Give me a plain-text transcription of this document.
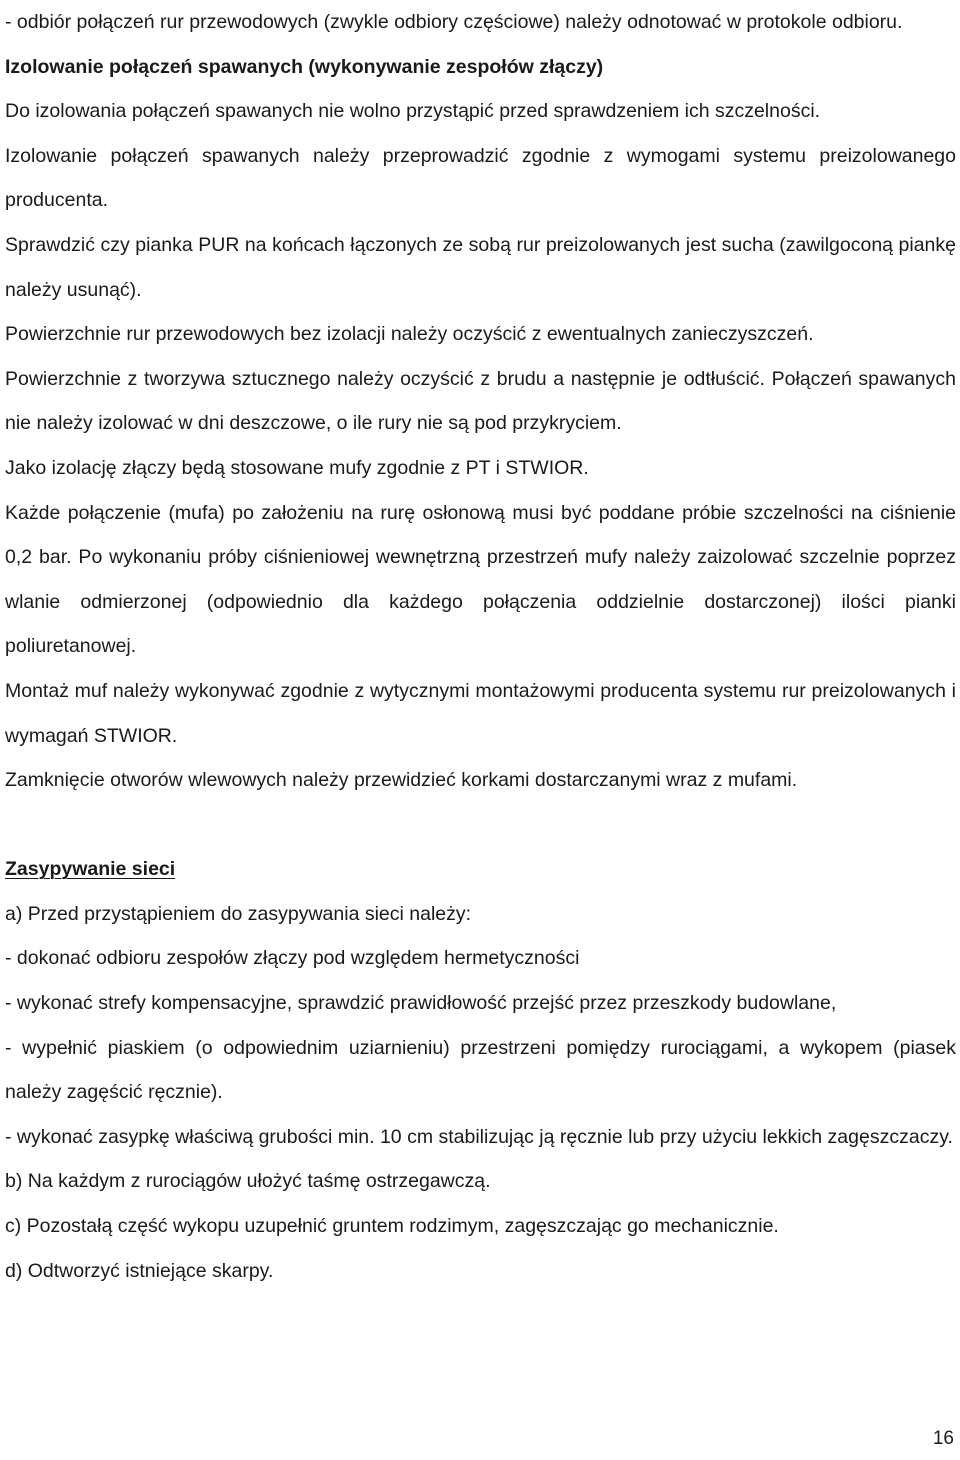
- odbiór połączeń rur przewodowych (zwykle odbiory częściowe) należy odnotować w protokole odbioru.

Izolowanie połączeń spawanych (wykonywanie zespołów złączy)

Do izolowania połączeń spawanych nie wolno przystąpić przed sprawdzeniem ich szczelności.

Izolowanie połączeń spawanych należy przeprowadzić zgodnie z wymogami systemu preizolowanego producenta.

Sprawdzić czy pianka PUR na końcach łączonych ze sobą rur preizolowanych jest sucha (zawilgoconą piankę należy usunąć).

Powierzchnie rur przewodowych bez izolacji należy oczyścić z ewentualnych zanieczyszczeń.

Powierzchnie z tworzywa sztucznego należy oczyścić z brudu a następnie je odtłuścić. Połączeń spawanych nie należy izolować w dni deszczowe, o ile rury nie są pod przykryciem.

Jako izolację złączy będą stosowane mufy zgodnie z PT i STWIOR.

Każde połączenie (mufa) po założeniu na rurę osłonową musi być poddane próbie szczelności na ciśnienie 0,2 bar. Po wykonaniu próby ciśnieniowej wewnętrzną przestrzeń mufy należy zaizolować szczelnie poprzez wlanie odmierzonej (odpowiednio dla każdego połączenia oddzielnie dostarczonej) ilości pianki poliuretanowej.

Montaż muf należy wykonywać zgodnie z wytycznymi montażowymi producenta systemu rur preizolowanych i wymagań STWIOR.

Zamknięcie otworów wlewowych należy przewidzieć korkami dostarczanymi wraz z mufami.

Zasypywanie sieci

a) Przed przystąpieniem do zasypywania sieci należy:

- dokonać odbioru zespołów złączy pod względem hermetyczności

- wykonać strefy kompensacyjne, sprawdzić prawidłowość przejść przez przeszkody budowlane,

- wypełnić piaskiem (o odpowiednim uziarnieniu) przestrzeni pomiędzy rurociągami, a wykopem (piasek należy zagęścić ręcznie).

- wykonać zasypkę właściwą grubości min. 10 cm stabilizując ją ręcznie lub przy użyciu lekkich zagęszczaczy.

b) Na każdym z rurociągów ułożyć taśmę ostrzegawczą.

c) Pozostałą część wykopu uzupełnić gruntem rodzimym, zagęszczając go mechanicznie.

d) Odtworzyć istniejące skarpy.

16
